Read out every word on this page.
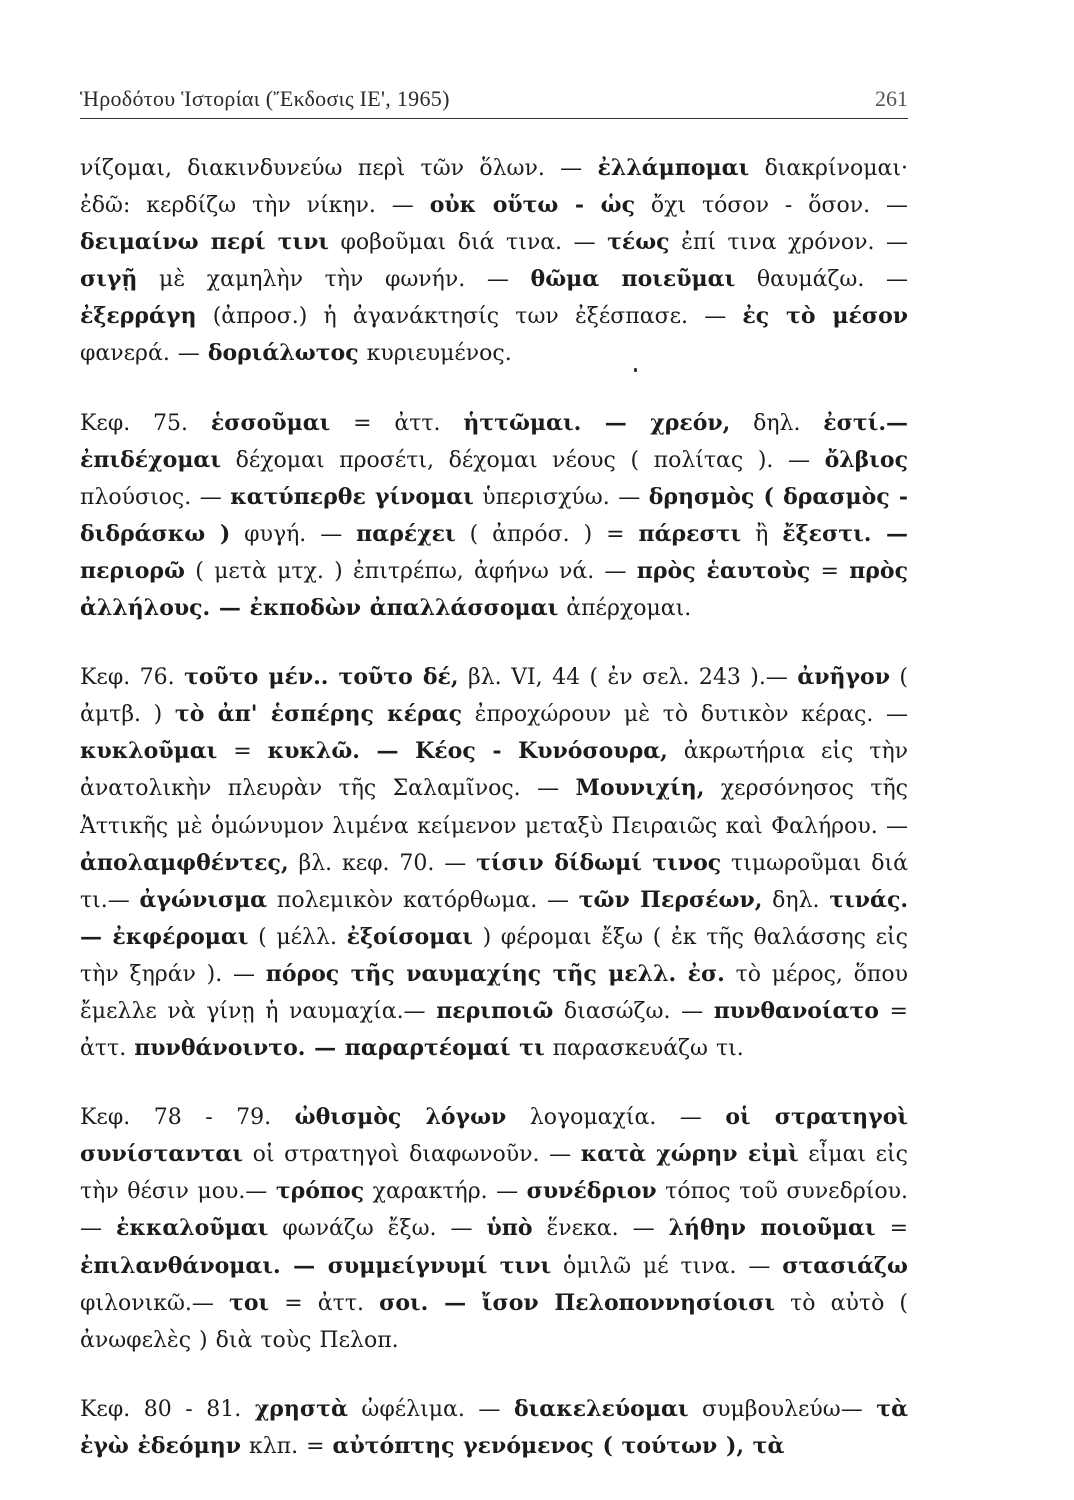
Ἡροδότου Ἱστορίαι (Ἔκδοσις ΙΕ', 1965)	261

νίζομαι, διακινδυνεύω περὶ τῶν ὅλων. — ἐλλάμπομαι διακρίνομαι· ἐδῶ: κερδίζω τὴν νίκην. — οὐκ οὕτω - ὡς ὄχι τόσον - ὅσον. — δειμαίνω περί τινι φοβοῦμαι διά τινα. — τέως ἐπί τινα χρόνον. — σιγῇ μὲ χαμηλὴν τὴν φωνήν. — θῶμα ποιεῦμαι θαυμάζω. — ἐξερράγη (ἀπροσ.) ἡ ἀγανάκτησίς των ἐξέσπασε. — ἐς τὸ μέσον φανερά. — δοριάλωτος κυριευμένος.

Κεφ. 75. ἑσσοῦμαι = ἀττ. ἡττῶμαι. — χρεόν, δηλ. ἐστί.— ἐπιδέχομαι δέχομαι προσέτι, δέχομαι νέους ( πολίτας ). — ὄλβιος πλούσιος. — κατύπερθε γίνομαι ὑπερισχύω. — δρησμὸς ( δρασμὸς - διδράσκω ) φυγή. — παρέχει ( ἀπρόσ. ) = πάρεστι ἢ ἔξεστι. — περιορῶ ( μετὰ μτχ. ) ἐπιτρέπω, ἀφήνω νά. — πρὸς ἑαυτοὺς = πρὸς ἀλλήλους. — ἐκποδὼν ἀπαλλάσσομαι ἀπέρχομαι.

Κεφ. 76. τοῦτο μέν.. τοῦτο δέ, βλ. VI, 44 ( ἐν σελ. 243 ).— ἀνῆγον ( ἀμτβ. ) τὸ ἀπ' ἑσπέρης κέρας ἐπροχώρουν μὲ τὸ δυτικὸν κέρας. — κυκλοῦμαι = κυκλῶ. — Κέος - Κυνόσουρα, ἀκρωτήρια εἰς τὴν ἀνατολικὴν πλευρὰν τῆς Σαλαμῖνος. — Μουνιχίη, χερσόνησος τῆς Ἀττικῆς μὲ ὁμώνυμον λιμένα κείμενον μεταξὺ Πειραιῶς καὶ Φαλήρου. — ἀπολαμφθέντες, βλ. κεφ. 70. — τίσιν δίδωμί τινος τιμωροῦμαι διά τι.— ἀγώνισμα πολεμικὸν κατόρθωμα. — τῶν Περσέων, δηλ. τινάς. — ἐκφέρομαι ( μέλλ. ἐξοίσομαι ) φέρομαι ἔξω ( ἐκ τῆς θαλάσσης εἰς τὴν ξηράν ). — πόρος τῆς ναυμαχίης τῆς μελλ. ἐσ. τὸ μέρος, ὅπου ἔμελλε νὰ γίνῃ ἡ ναυμαχία.— περιποιῶ διασώζω. — πυνθανοίατο = ἀττ. πυνθάνοιντο. — παραρτέομαί τι παρασκευάζω τι.

Κεφ. 78 - 79. ὠθισμὸς λόγων λογομαχία. — οἱ στρατηγοὶ συνίστανται οἱ στρατηγοὶ διαφωνοῦν. — κατὰ χώρην εἰμὶ εἶμαι εἰς τὴν θέσιν μου.— τρόπος χαρακτήρ. — συνέδριον τόπος τοῦ συνεδρίου. — ἐκκαλοῦμαι φωνάζω ἔξω. — ὑπὸ ἕνεκα. — λήθην ποιοῦμαι = ἐπιλανθάνομαι. — συμμείγνυμί τινι ὁμιλῶ μέ τινα. — στασιάζω φιλονικῶ.— τοι = ἀττ. σοι. — ἴσον Πελοποννησίοισι τὸ αὐτὸ ( ἀνωφελὲς ) διὰ τοὺς Πελοπ.

Κεφ. 80 - 81. χρηστὰ ὠφέλιμα. — διακελεύομαι συμβουλεύω— τὰ ἐγὼ ἐδεόμην κλπ. = αὐτόπτης γενόμενος ( τούτων ), τὰ
